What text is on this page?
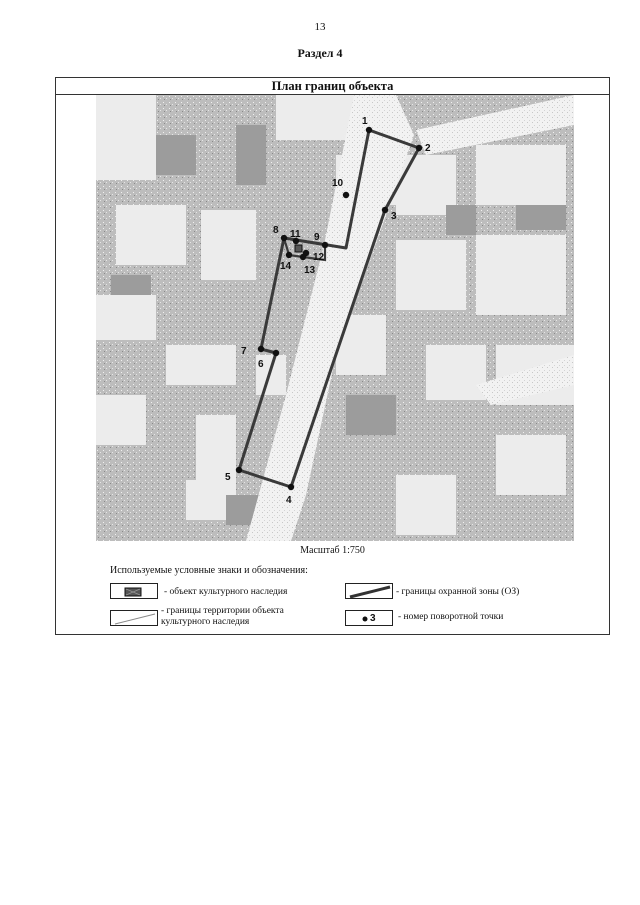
13
Раздел 4
План границ объекта
1
2
3
4
5
6
7
8
9
10
11
12
13
14
Масштаб 1:750
Используемые условные знаки и обозначения:
- объект культурного наследия
- границы территории объекта
культурного наследия
- границы охранной зоны (ОЗ)
3 - номер поворотной точки
